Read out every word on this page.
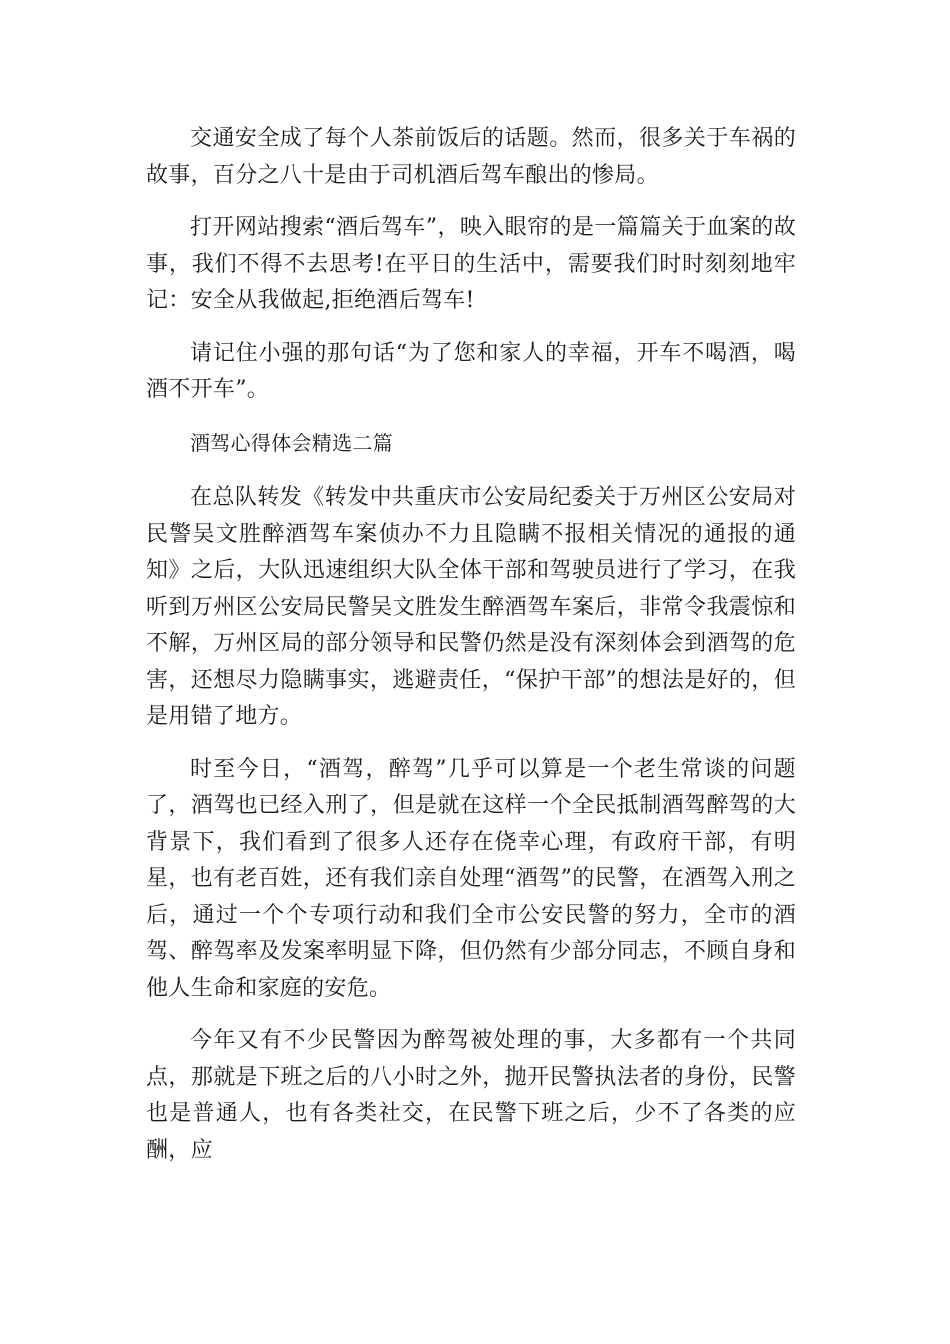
交通安全成了每个人茶前饭后的话题。然而，很多关于车祸的故事，百分之八十是由于司机酒后驾车酿出的惨局。

打开网站搜索“酒后驾车”，映入眼帘的是一篇篇关于血案的故事，我们不得不去思考!在平日的生活中，需要我们时时刻刻地牢记：安全从我做起,拒绝酒后驾车!

请记住小强的那句话“为了您和家人的幸福，开车不喝酒，喝酒不开车”。

酒驾心得体会精选二篇

在总队转发《转发中共重庆市公安局纪委关于万州区公安局对民警吴文胜醉酒驾车案侦办不力且隐瞒不报相关情况的通报的通知》之后，大队迅速组织大队全体干部和驾驶员进行了学习，在我听到万州区公安局民警吴文胜发生醉酒驾车案后，非常令我震惊和不解，万州区局的部分领导和民警仍然是没有深刻体会到酒驾的危害，还想尽力隐瞒事实，逃避责任，“保护干部”的想法是好的，但是用错了地方。

时至今日，“酒驾，醉驾”几乎可以算是一个老生常谈的问题了，酒驾也已经入刑了，但是就在这样一个全民抵制酒驾醉驾的大背景下，我们看到了很多人还存在侥幸心理，有政府干部，有明星，也有老百姓，还有我们亲自处理“酒驾”的民警，在酒驾入刑之后，通过一个个专项行动和我们全市公安民警的努力，全市的酒驾、醉驾率及发案率明显下降，但仍然有少部分同志，不顾自身和他人生命和家庭的安危。

今年又有不少民警因为醉驾被处理的事，大多都有一个共同点，那就是下班之后的八小时之外，抛开民警执法者的身份，民警也是普通人，也有各类社交，在民警下班之后，少不了各类的应酬，应
